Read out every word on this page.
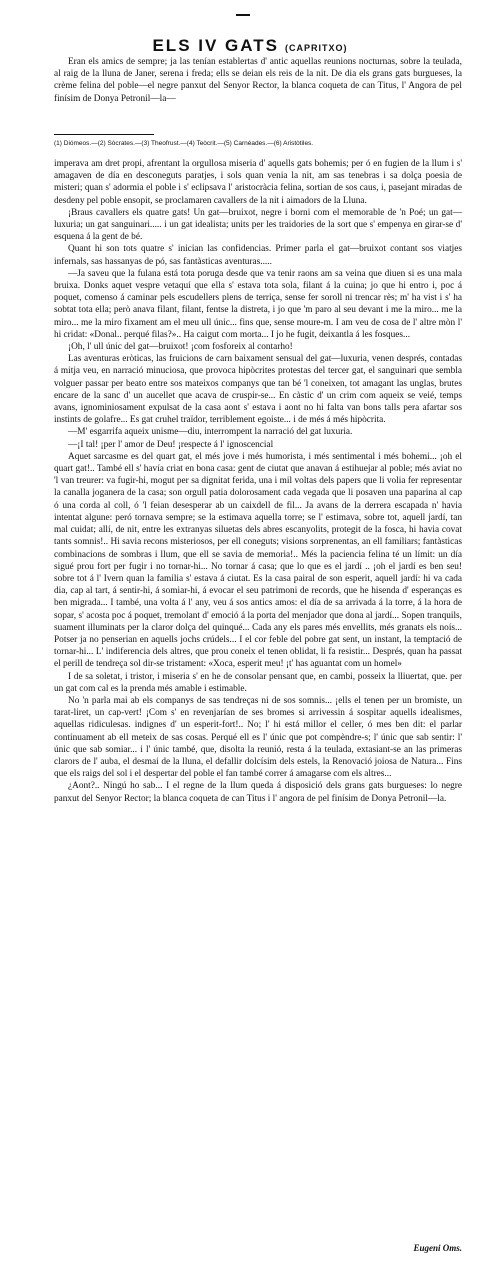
ELS IV GATS (CAPRITXO)

Eran els amics de sempre; ja las tenían establertas d' antic aquellas reunions nocturnas, sobre la teulada, al raig de la lluna de Janer, serena i freda; ells se deian els reis de la nit. De dia els grans gats burgueses, la crème felina del poble—el negre panxut del Senyor Rector, la blanca coqueta de can Titus, l' Angora de pel finísim de Donya Petronil—la—

(1) Diómeos.—(2) Sòcrates.—(3) Theofrust.—(4) Teòcrit.—(5) Carnéades.—(6) Aristòtiles.

imperava am dret propi, afrentant la orgullosa miseria d' aquells gats bohemis; per ó en fugien de la llum i s' amagaven de día en desconeguts paratjes, i sols quan venia la nit, am sas tenebras i sa dolça poesia de misteri; quan s' adormia el poble i s' eclipsava l' aristocràcia felina, sortian de sos caus, i, pasejant miradas de desdeny pel poble ensopit, se proclamaren cavallers de la nit i aimadors de la Lluna.

¡Braus cavallers els quatre gats! Un gat—bruixot, negre i borni com el memorable de 'n Poé; un gat—luxuria; un gat sanguinari..... i un gat idealista; units per les traidories de la sort que s' empenya en girar-se d' esquena á la gent de bé.

Quant hi son tots quatre s' inician las confidencias. Primer parla el gat—bruixot contant sos viatjes infernals, sas hassanyas de pó, sas fantàsticas aventuras.....

—Ja saveu que la fulana está tota poruga desde que va tenir raons am sa veina que diuen si es una mala bruixa. Donks aquet vespre vetaquí que ella s' estava tota sola, filant á la cuina; jo que hi entro i, poc á poquet, comenso á caminar pels escudellers plens de terriça, sense fer soroll ni trencar rès; m' ha vist i s' ha sobtat tota ella; però anava filant, filant, fentse la distreta, i jo que 'm paro al seu devant i me la miro... me la miro... me la miro fixament am el meu ull únic... fins que, sense moure-m. I am veu de cosa de l' altre mòn l' hi cridat: «Donal.. perqué filas?».. Ha caigut com morta... I jo he fugit, deixantla á les fosques...

¡Oh, l' ull únic del gat—bruixot! ¡com fosforeix al contarho!

Las aventuras eròticas, las fruicions de carn baixament sensual del gat—luxuria, venen després, contadas á mitja veu, en narració minuciosa, que provoca hipòcrites protestas del tercer gat, el sanguinari que sembla volguer passar per beato entre sos mateixos companys que tan bé 'l coneixen, tot amagant las unglas, brutes encare de la sanc d' un aucellet que acava de cruspir-se... En càstic d' un crim com aqueix se veié, temps avans, ignominiosament expulsat de la casa aont s' estava i aont no hi falta van bons talls pera afartar sos instints de golafre... Es gat cruhel traïdor, terriblement egoiste... i de més á més hipòcrita.

—M' esgarrifa aqueix unisme—diu, interrompent la narració del gat luxuria.

—¡I tal! ¡per l' amor de Deu! ¡respecte á l' ignoscencial

Aquet sarcasme es del quart gat, el més jove i més humorista, i més sentimental i més bohemi... ¡oh el quart gat!.. També ell s' havía criat en bona casa: gent de ciutat que anavan á estihuejar al poble; més aviat no 'l van treurer: va fugir-hi, mogut per sa dignitat ferida, una i mil voltas dels papers que li volia fer representar la canalla joganera de la casa; son orgull patia dolorosament cada vegada que li posaven una paparina al cap ó una corda al coll, ó 'l feian desesperar ab un caixdell de fil... Ja avans de la derrera escapada n' havia intentat algune: peró tornava sempre; se la estimava aquella torre; se l' estimava, sobre tot, aquell jardí, tan mal cuidat; allí, de nit, entre les extranyas siluetas dels abres escanyolits, protegit de la fosca, hi havia covat tants somnis!.. Hi savia recons misteriosos, per ell coneguts; visions sorprenentas, an ell familiars; fantàsticas combinacions de sombras i llum, que ell se savia de memoria!.. Més la paciencia felina té un límit: un día sigué prou fort per fugir i no tornar-hi... No tornar á casa; que lo que es el jardí .. ¡oh el jardí es ben seu! sobre tot á l' Ivern quan la familia s' estava á ciutat. Es la casa pairal de son esperit, aquell jardí: hi va cada dia, cap al tart, á sentir-hi, á somiar-hi, á evocar el seu patrimoni de records, que he hisenda d' esperanças es ben migrada... I també, una volta á l' any, veu á sos antics amos: el día de sa arrivada á la torre, á la hora de sopar, s' acosta poc á poquet, tremolant d' emoció á la porta del menjador que dona al jardí... Sopen tranquils, suament illuminats per la claror dolça del quinqué... Cada any els pares més envellits, més granats els noís... Potser ja no penserian en aquells jochs crúdels... I el cor feble del pobre gat sent, un instant, la temptació de tornar-hi... L' indiferencia dels altres, que prou coneix el tenen oblidat, li fa resistir... Després, quan ha passat el perill de tendreça sol dir-se tristament: «Xoca, esperit meu! ¡t' has aguantat com un homel»

I de sa soletat, i tristor, i miseria s' en he de consolar pensant que, en cambi, posseix la lliuertat, que. per un gat com cal es la prenda més amable i estimable.

No 'n parla mai ab els companys de sas tendreças ni de sos somnis... ¡ells el tenen per un bromiste, un tarat-liret, un cap-vert! ¡Com s' en revenjarían de ses bromes si arrivessin á sospitar aquells idealismes, aquellas ridiculesas. indignes d' un esperit-fort!.. No; l' hi está millor el celler, ó mes ben dit: el parlar continuament ab ell meteix de sas cosas. Perqué ell es l' únic que pot compèndre-s; l' únic que sab sentir: l' únic que sab somiar... i l' únic també, que, disolta la reunió, resta á la teulada, extasiant-se an las primeras clarors de l' auba, el desmai de la lluna, el defallir dolcísim dels estels, la Renovació joiosa de Natura... Fins que els raigs del sol i el despertar del poble el fan també correr á amagarse com els altres...

¿Aont?.. Ningú ho sab... I el regne de la llum queda á disposició dels grans gats burgueses: lo negre panxut del Senyor Rector; la blanca coqueta de can Titus i l' angora de pel finísim de Donya Petronil—la.

Eugeni Oms.
